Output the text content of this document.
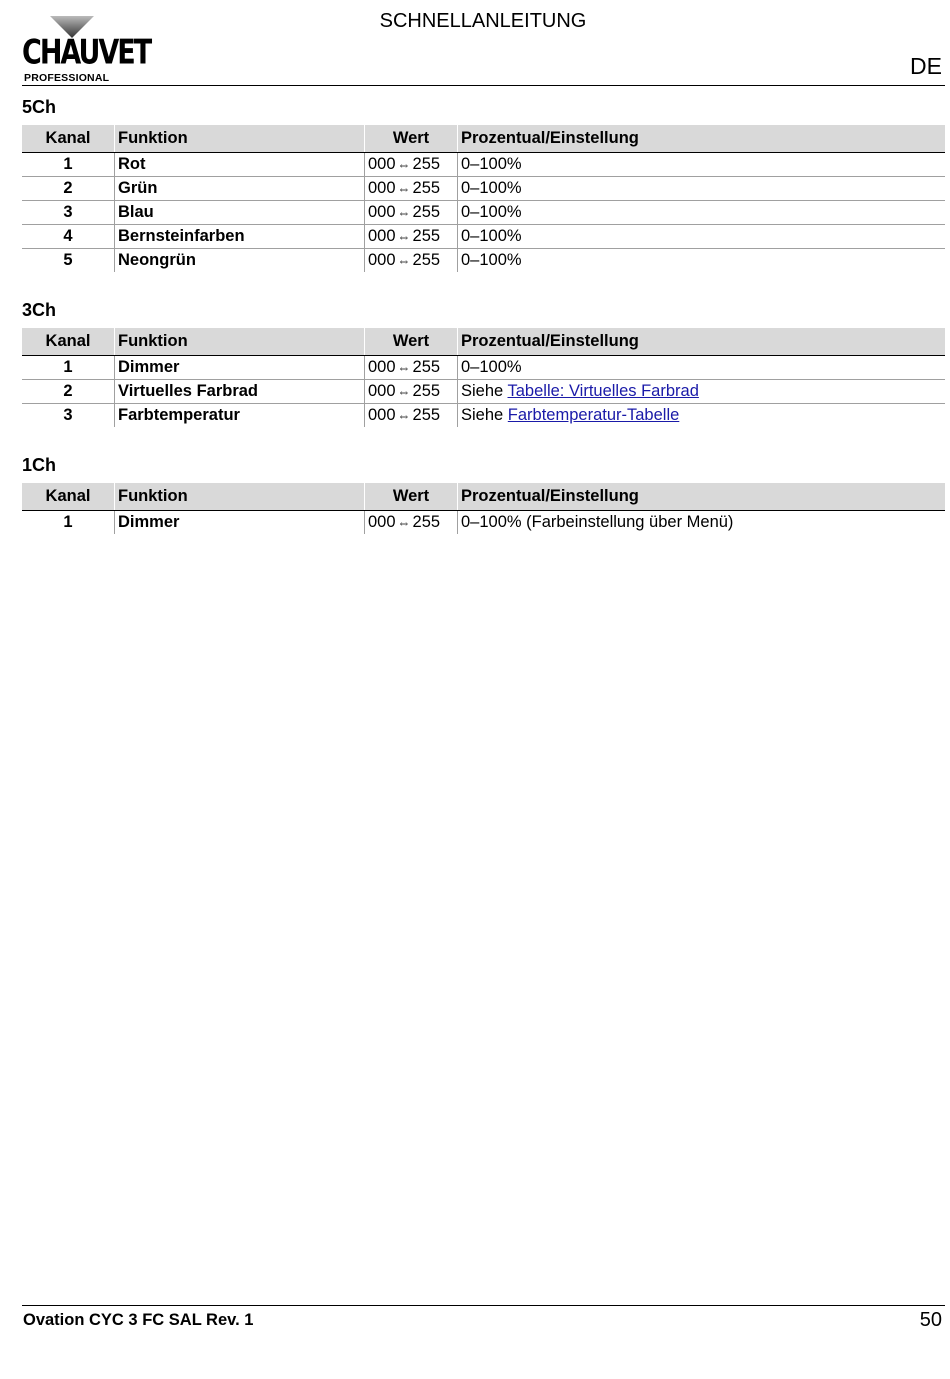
CHAUVET
PROFESSIONAL
SCHNELLANLEITUNG
DE
5Ch
Kanal	Funktion	Wert	Prozentual/Einstellung
1	Rot	000 ⇔ 255	0–100%
2	Grün	000 ⇔ 255	0–100%
3	Blau	000 ⇔ 255	0–100%
4	Bernsteinfarben	000 ⇔ 255	0–100%
5	Neongrün	000 ⇔ 255	0–100%
3Ch
Kanal	Funktion	Wert	Prozentual/Einstellung
1	Dimmer	000 ⇔ 255	0–100%
2	Virtuelles Farbrad	000 ⇔ 255	Siehe Tabelle: Virtuelles Farbrad
3	Farbtemperatur	000 ⇔ 255	Siehe Farbtemperatur-Tabelle
1Ch
Kanal	Funktion	Wert	Prozentual/Einstellung
1	Dimmer	000 ⇔ 255	0–100% (Farbeinstellung über Menü)
Ovation CYC 3 FC SAL Rev. 1	50
